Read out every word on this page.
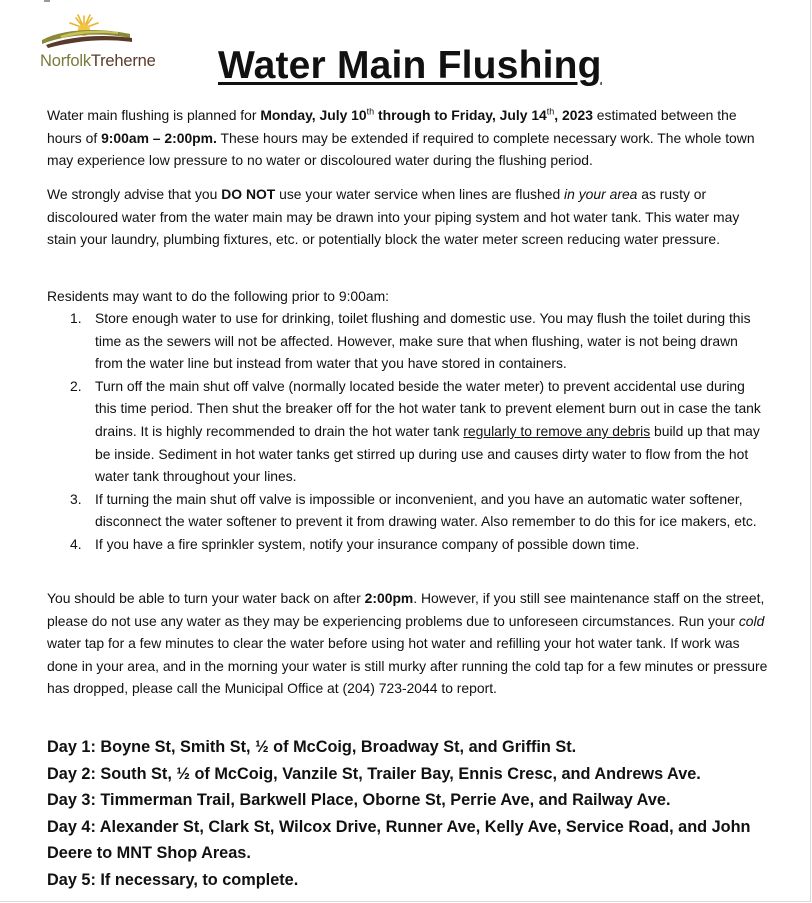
NorfolkTreherne Water Main Flushing
Water main flushing is planned for Monday, July 10th through to Friday, July 14th, 2023 estimated between the hours of 9:00am – 2:00pm. These hours may be extended if required to complete necessary work. The whole town may experience low pressure to no water or discoloured water during the flushing period.
We strongly advise that you DO NOT use your water service when lines are flushed in your area as rusty or discoloured water from the water main may be drawn into your piping system and hot water tank. This water may stain your laundry, plumbing fixtures, etc. or potentially block the water meter screen reducing water pressure.
Residents may want to do the following prior to 9:00am:
1. Store enough water to use for drinking, toilet flushing and domestic use. You may flush the toilet during this time as the sewers will not be affected. However, make sure that when flushing, water is not being drawn from the water line but instead from water that you have stored in containers.
2. Turn off the main shut off valve (normally located beside the water meter) to prevent accidental use during this time period. Then shut the breaker off for the hot water tank to prevent element burn out in case the tank drains. It is highly recommended to drain the hot water tank regularly to remove any debris build up that may be inside. Sediment in hot water tanks get stirred up during use and causes dirty water to flow from the hot water tank throughout your lines.
3. If turning the main shut off valve is impossible or inconvenient, and you have an automatic water softener, disconnect the water softener to prevent it from drawing water. Also remember to do this for ice makers, etc.
4. If you have a fire sprinkler system, notify your insurance company of possible down time.
You should be able to turn your water back on after 2:00pm. However, if you still see maintenance staff on the street, please do not use any water as they may be experiencing problems due to unforeseen circumstances. Run your cold water tap for a few minutes to clear the water before using hot water and refilling your hot water tank. If work was done in your area, and in the morning your water is still murky after running the cold tap for a few minutes or pressure has dropped, please call the Municipal Office at (204) 723-2044 to report.
Day 1: Boyne St, Smith St, ½ of McCoig, Broadway St, and Griffin St.
Day 2: South St, ½ of McCoig, Vanzile St, Trailer Bay, Ennis Cresc, and Andrews Ave.
Day 3: Timmerman Trail, Barkwell Place, Oborne St, Perrie Ave, and Railway Ave.
Day 4: Alexander St, Clark St, Wilcox Drive, Runner Ave, Kelly Ave, Service Road, and John Deere to MNT Shop Areas.
Day 5: If necessary, to complete.
